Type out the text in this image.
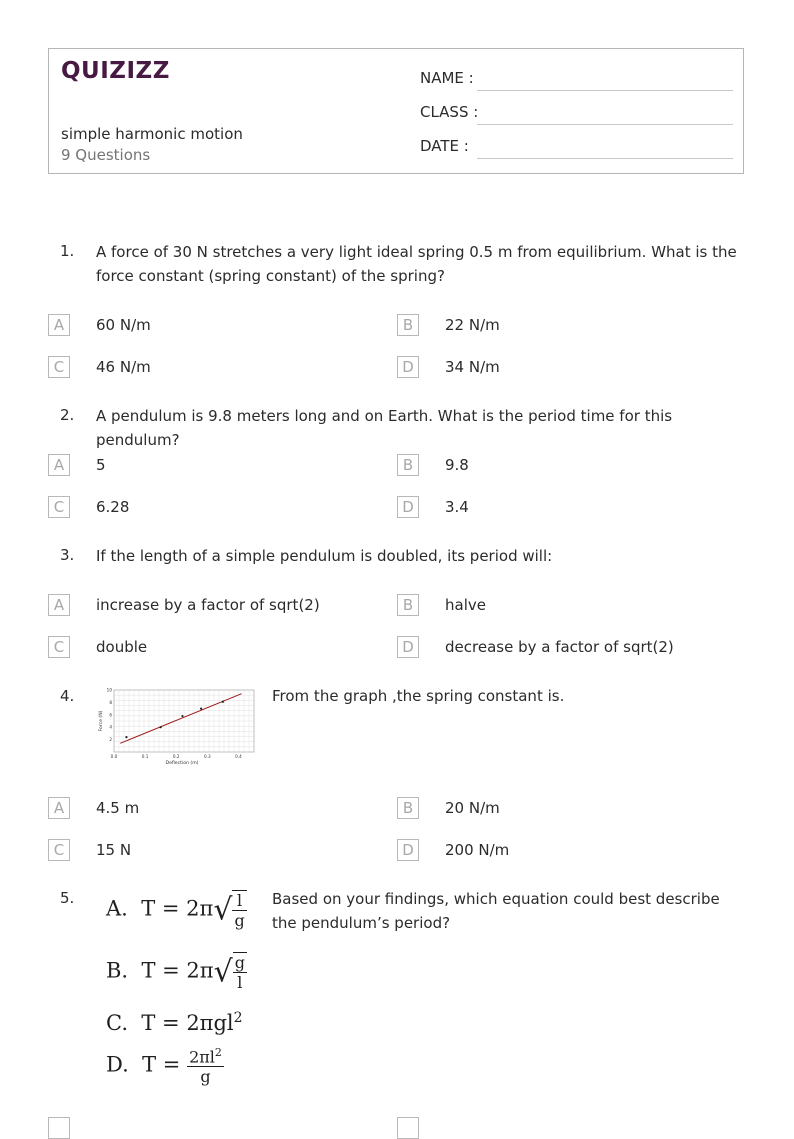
QUIZIZZ
simple harmonic motion
9 Questions
NAME :
CLASS :
DATE :
1. A force of 30 N stretches a very light ideal spring 0.5 m from equilibrium. What is the force constant (spring constant) of the spring?
A	60 N/m	B	22 N/m
C	46 N/m	D	34 N/m
2. A pendulum is 9.8 meters long and on Earth. What is the period time for this pendulum?
A	5	B	9.8
C	6.28	D	3.4
3. If the length of a simple pendulum is doubled, its period will:
A	increase by a factor of sqrt(2)	B	halve
C	double	D	decrease by a factor of sqrt(2)
4.
2
4
6
8
10
0.0	0.1	0.2	0.3	0.4
Deflection (m)
Force (N)
From the graph ,the spring constant is.
A	4.5 m	B	20 N/m
C	15 N	D	200 N/m
5.	Based on your findings, which equation could best describe the pendulum’s period?
A. $T = 2\pi√ \frac{l}{g}$
B. $T = 2\pi√ \frac{g}{l}$
C. T = 2πgl$^2$
D. $T = \frac{2\pi l^2}{g}$
